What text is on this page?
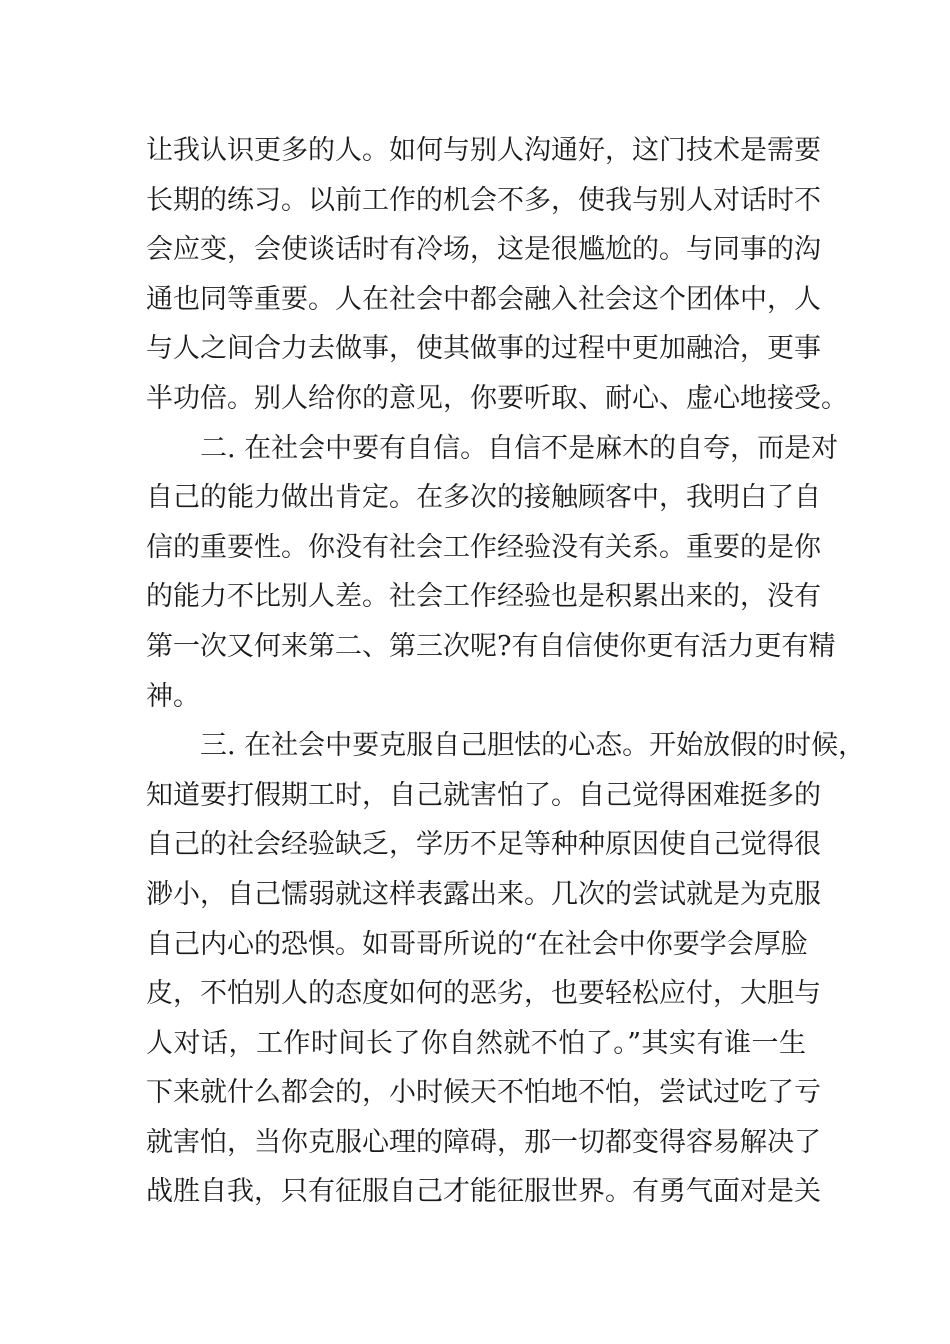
让我认识更多的人。如何与别人沟通好，这门技术是需要
长期的练习。以前工作的机会不多，使我与别人对话时不
会应变，会使谈话时有冷场，这是很尴尬的。与同事的沟
通也同等重要。人在社会中都会融入社会这个团体中，人
与人之间合力去做事，使其做事的过程中更加融洽，更事
半功倍。别人给你的意见，你要听取、耐心、虚心地接受。
二. 在社会中要有自信。自信不是麻木的自夸，而是对
自己的能力做出肯定。在多次的接触顾客中，我明白了自
信的重要性。你没有社会工作经验没有关系。重要的是你
的能力不比别人差。社会工作经验也是积累出来的，没有
第一次又何来第二、第三次呢?有自信使你更有活力更有精
神。
三. 在社会中要克服自己胆怯的心态。开始放假的时候，
知道要打假期工时，自己就害怕了。自己觉得困难挺多的
自己的社会经验缺乏，学历不足等种种原因使自己觉得很
渺小，自己懦弱就这样表露出来。几次的尝试就是为克服
自己内心的恐惧。如哥哥所说的“在社会中你要学会厚脸
皮，不怕别人的态度如何的恶劣，也要轻松应付，大胆与
人对话，工作时间长了你自然就不怕了。”其实有谁一生
下来就什么都会的，小时候天不怕地不怕，尝试过吃了亏
就害怕，当你克服心理的障碍，那一切都变得容易解决了
战胜自我，只有征服自己才能征服世界。有勇气面对是关
